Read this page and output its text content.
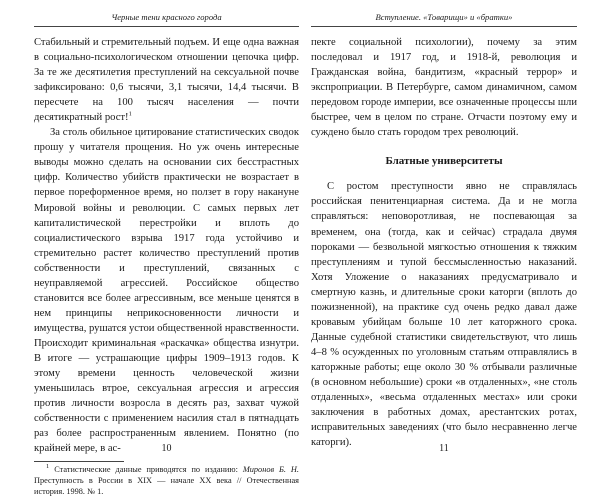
Черные тени красного города

Стабильный и стремительный подъем. И еще одна важная в социально-психологическом отношении цепочка цифр. За те же десятилетия преступлений на сексуальной почве зафиксировано: 0,6 тысячи, 3,1 тысячи, 14,4 тысячи. В пересчете на 100 тысяч населения — почти десятикратный рост!$^1$

За столь обильное цитирование статистических сводок прошу у читателя прощения. Но уж очень интересные выводы можно сделать на основании сих бесстрастных цифр. Количество убийств практически не возрастает в первое пореформенное время, но ползет в гору накануне Мировой войны и революции. С самых первых лет капиталистической перестройки и вплоть до социалистического взрыва 1917 года устойчиво и стремительно растет количество преступлений против собственности и преступлений, связанных с неуправляемой агрессией. Российское общество становится все более агрессивным, все меньше ценятся в нем принципы неприкосновенности личности и имущества, рушатся устои общественной нравственности. Происходит криминальная «раскачка» общества изнутри. В итоге — устрашающие цифры 1909–1913 годов. К этому времени ценность человеческой жизни уменьшилась втрое, сексуальная агрессия и агрессия против личности возросла в десять раз, захват чужой собственности с применением насилия стал в пятнадцать раз более распространенным явлением. Понятно (по крайней мере, в ас-

$^1$ Статистические данные приводятся по изданию: Миронов Б. Н. Преступность в России в XIX — начале XX века // Отечественная история. 1998. № 1.
10
Вступление. «Товарищи» и «братки»

пекте социальной психологии), почему за этим последовал и 1917 год, и 1918-й, революция и Гражданская война, бандитизм, «красный террор» и экспроприации. В Петербурге, самом динамичном, самом передовом городе империи, все означенные процессы шли быстрее, чем в целом по стране. Отчасти поэтому ему и суждено было стать городом трех революций.

Блатные университеты

С ростом преступности явно не справлялась российская пенитенциарная система. Да и не могла справляться: неповоротливая, не поспевающая за временем, она (тогда, как и сейчас) страдала двумя пороками — безвольной мягкостью отношения к тяжким преступлениям и тупой бессмысленностью наказаний. Хотя Уложение о наказаниях предусматривало и смертную казнь, и длительные сроки каторги (вплоть до пожизненной), на практике суд очень редко давал даже кровавым убийцам больше 10 лет каторжного срока. Данные судебной статистики свидетельствуют, что лишь 4–8 % осужденных по уголовным статьям отправлялись в каторжные работы; еще около 30 % отбывали различные (в основном небольшие) сроки «в отдаленных», «не столь отдаленных», «весьма отдаленных местах» или сроки заключения в работных домах, арестантских ротах, исправительных заведениях (что было несравненно легче каторги).

11
